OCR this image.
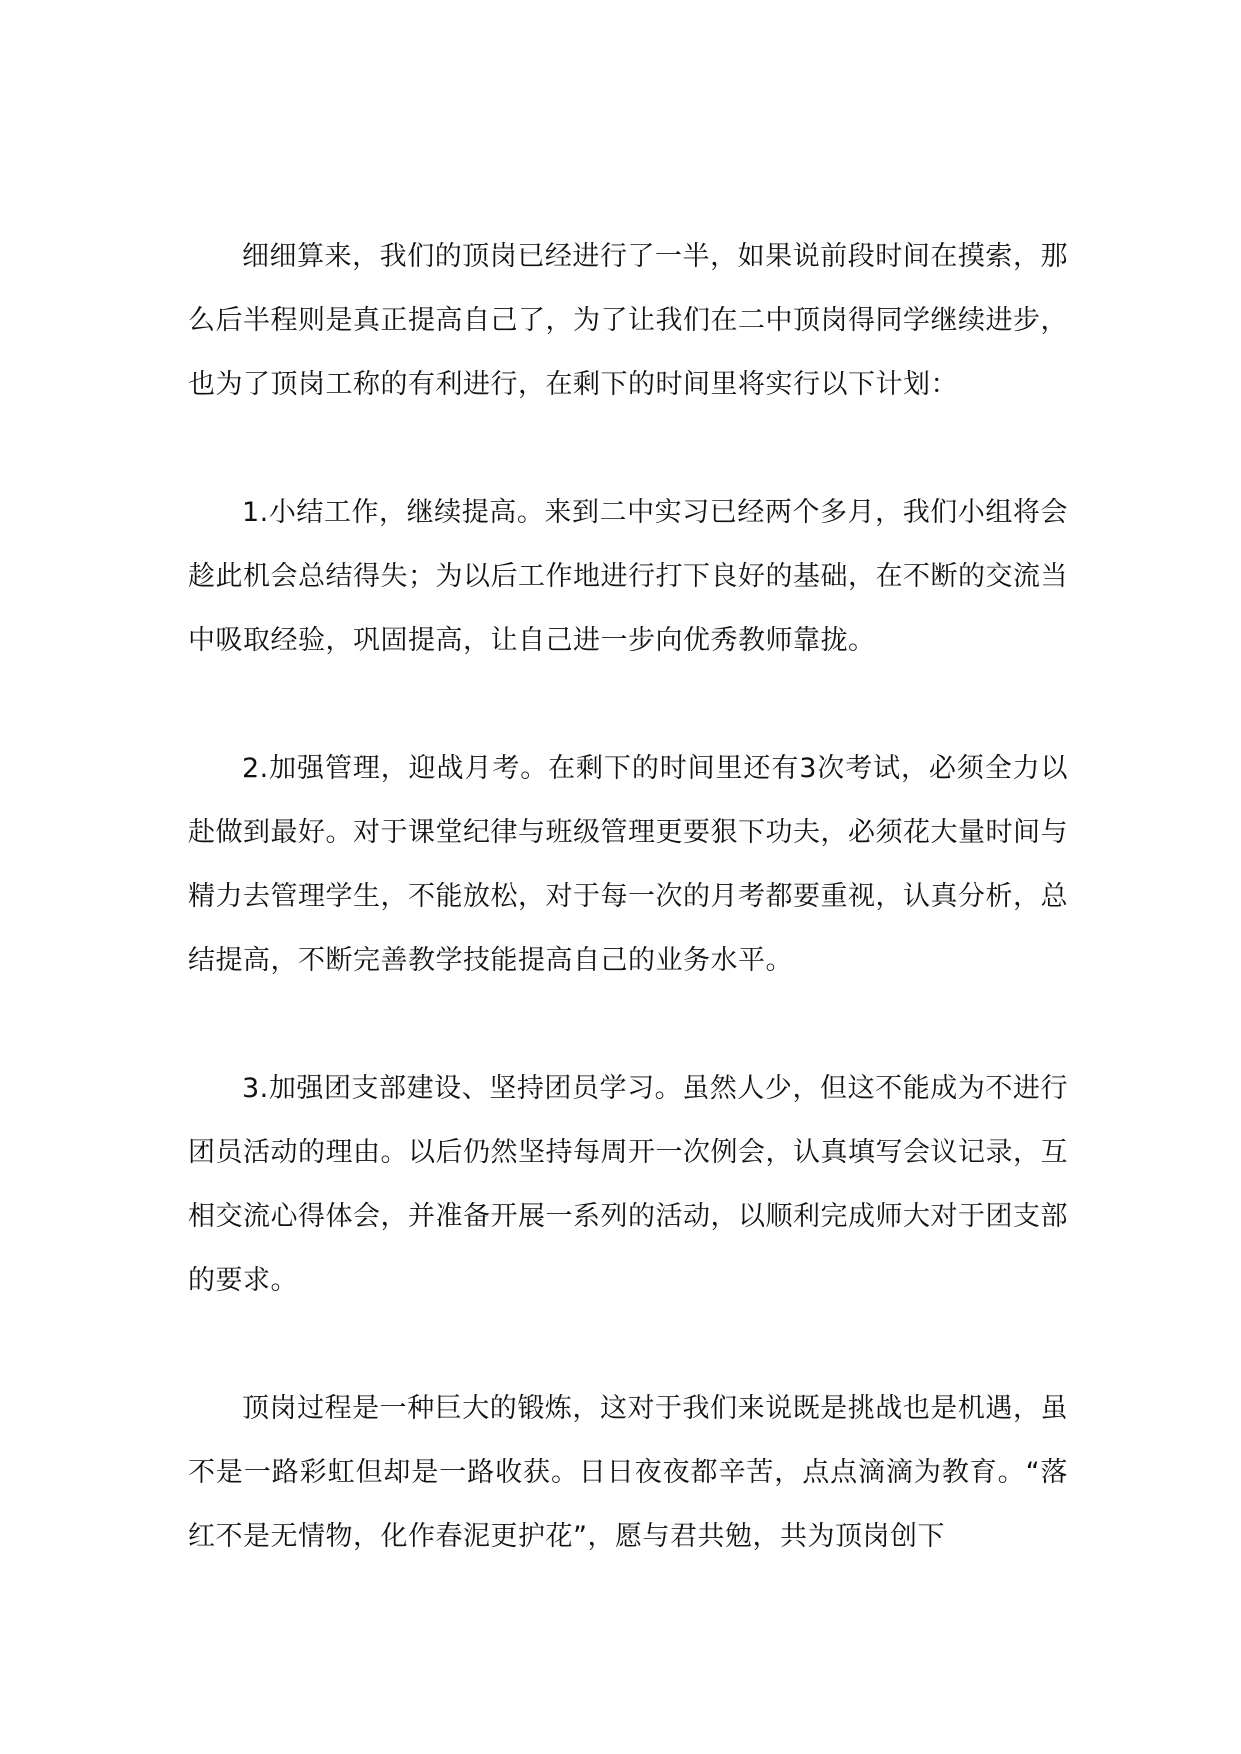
细细算来，我们的顶岗已经进行了一半，如果说前段时间在摸索，那么后半程则是真正提高自己了，为了让我们在二中顶岗得同学继续进步，也为了顶岗工称的有利进行，在剩下的时间里将实行以下计划：

1.小结工作，继续提高。来到二中实习已经两个多月，我们小组将会趁此机会总结得失；为以后工作地进行打下良好的基础，在不断的交流当中吸取经验，巩固提高，让自己进一步向优秀教师靠拢。

2.加强管理，迎战月考。在剩下的时间里还有3次考试，必须全力以赴做到最好。对于课堂纪律与班级管理更要狠下功夫，必须花大量时间与精力去管理学生，不能放松，对于每一次的月考都要重视，认真分析，总结提高，不断完善教学技能提高自己的业务水平。

3.加强团支部建设、坚持团员学习。虽然人少，但这不能成为不进行团员活动的理由。以后仍然坚持每周开一次例会，认真填写会议记录，互相交流心得体会，并准备开展一系列的活动，以顺利完成师大对于团支部的要求。

顶岗过程是一种巨大的锻炼，这对于我们来说既是挑战也是机遇，虽不是一路彩虹但却是一路收获。日日夜夜都辛苦，点点滴滴为教育。“落红不是无情物，化作春泥更护花”，愿与君共勉，共为顶岗创下
